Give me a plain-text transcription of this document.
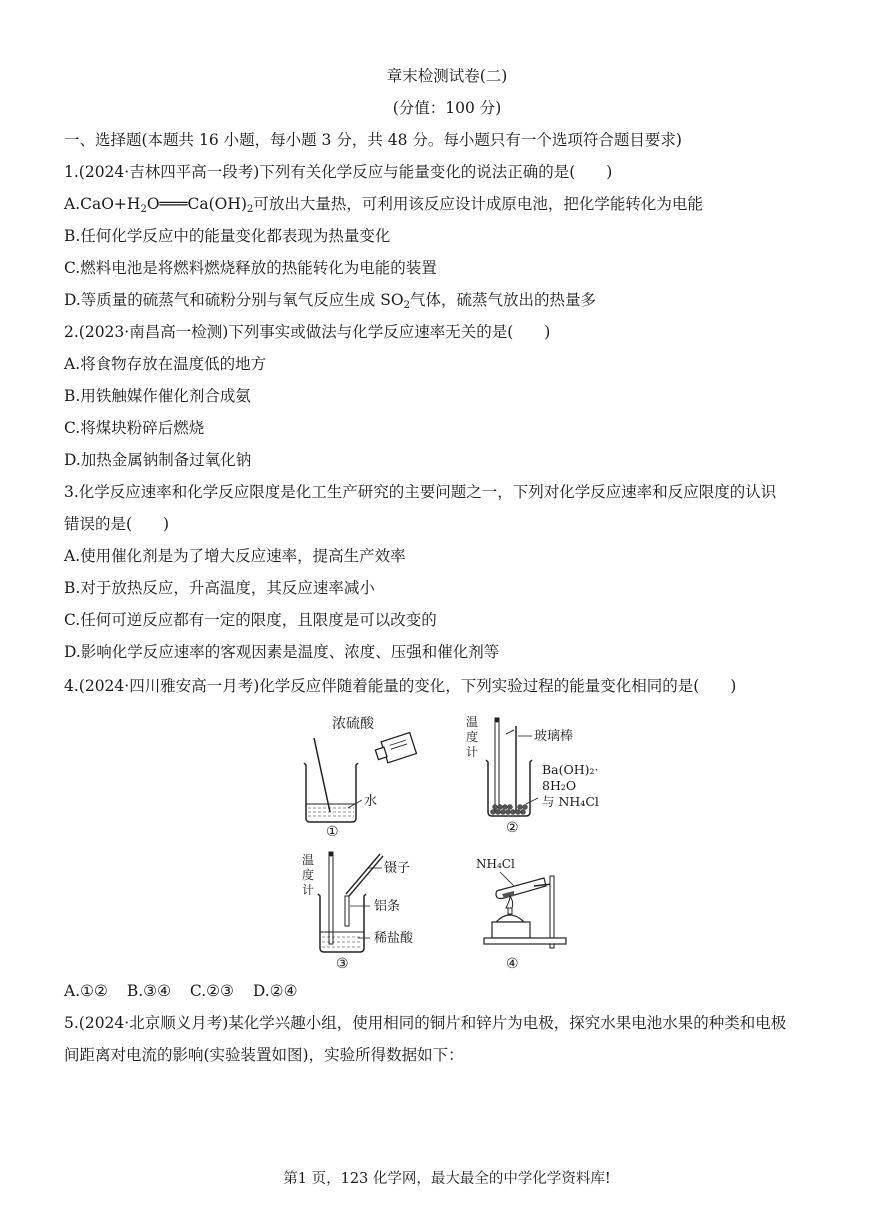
章末检测试卷(二)
(分值：100 分)
一、选择题(本题共 16 小题，每小题 3 分，共 48 分。每小题只有一个选项符合题目要求)
1.(2024·吉林四平高一段考)下列有关化学反应与能量变化的说法正确的是(　　)
$A.CaO+H_2O═══Ca(OH)_2$可放出大量热，可利用该反应设计成原电池，把化学能转化为电能
B.任何化学反应中的能量变化都表现为热量变化
C.燃料电池是将燃料燃烧释放的热能转化为电能的装置
D.等质量的硫蒸气和硫粉分别与氧气反应生成 $SO_2$气体，硫蒸气放出的热量多
2.(2023·南昌高一检测)下列事实或做法与化学反应速率无关的是(　　)
A.将食物存放在温度低的地方
B.用铁触媒作催化剂合成氨
C.将煤块粉碎后燃烧
D.加热金属钠制备过氧化钠
3.化学反应速率和化学反应限度是化工生产研究的主要问题之一，下列对化学反应速率和反应限度的认识
错误的是(　　)
A.使用催化剂是为了增大反应速率，提高生产效率
B.对于放热反应，升高温度，其反应速率减小
C.任何可逆反应都有一定的限度，且限度是可以改变的
D.影响化学反应速率的客观因素是温度、浓度、压强和催化剂等
4.(2024·四川雅安高一月考)化学反应伴随着能量的变化，下列实验过程的能量变化相同的是(　　)
浓硫酸
水
①
温
度
计
玻璃棒
Ba(OH)₂·
8H₂O
与 NH₄Cl
②
温
度
计
镊子
铝条
稀盐酸
③
NH₄Cl
④
A.①② B.③④ C.②③ D.②④
5.(2024·北京顺义月考)某化学兴趣小组，使用相同的铜片和锌片为电极，探究水果电池水果的种类和电极
间距离对电流的影响(实验装置如图)，实验所得数据如下：
第1 页，123 化学网，最大最全的中学化学资料库!
